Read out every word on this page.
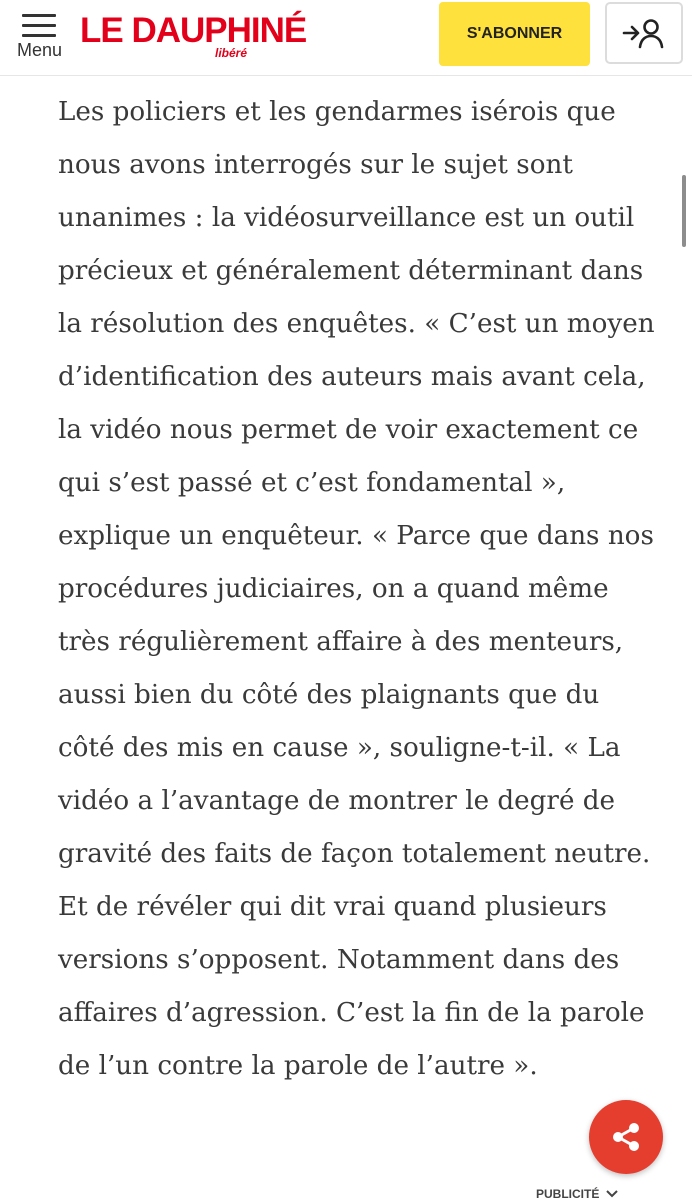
Menu LE DAUPHINÉ
libéré
S'ABONNER

Les policiers et les gendarmes isérois que nous avons interrogés sur le sujet sont unanimes : la vidéosurveillance est un outil précieux et généralement déterminant dans la résolution des enquêtes. « C’est un moyen d’identification des auteurs mais avant cela, la vidéo nous permet de voir exactement ce qui s’est passé et c’est fondamental », explique un enquêteur. « Parce que dans nos procédures judiciaires, on a quand même très régulièrement affaire à des menteurs, aussi bien du côté des plaignants que du côté des mis en cause », souligne-t-il. « La vidéo a l’avantage de montrer le degré de gravité des faits de façon totalement neutre. Et de révéler qui dit vrai quand plusieurs versions s’opposent. Notamment dans des affaires d’agression. C’est la fin de la parole de l’un contre la parole de l’autre ».

PUBLICITÉ
